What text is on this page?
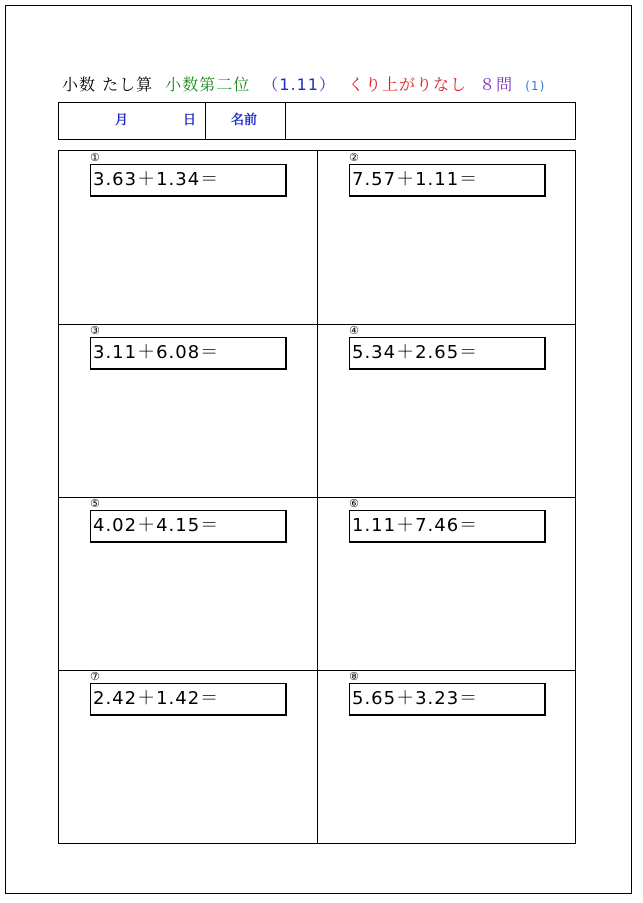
小数 たし算 小数第二位 （1.11） くり上がりなし ８問 (1)
月	日	名前
①
3.63＋1.34＝
②
7.57＋1.11＝
③
3.11＋6.08＝
④
5.34＋2.65＝
⑤
4.02＋4.15＝
⑥
1.11＋7.46＝
⑦
2.42＋1.42＝
⑧
5.65＋3.23＝
